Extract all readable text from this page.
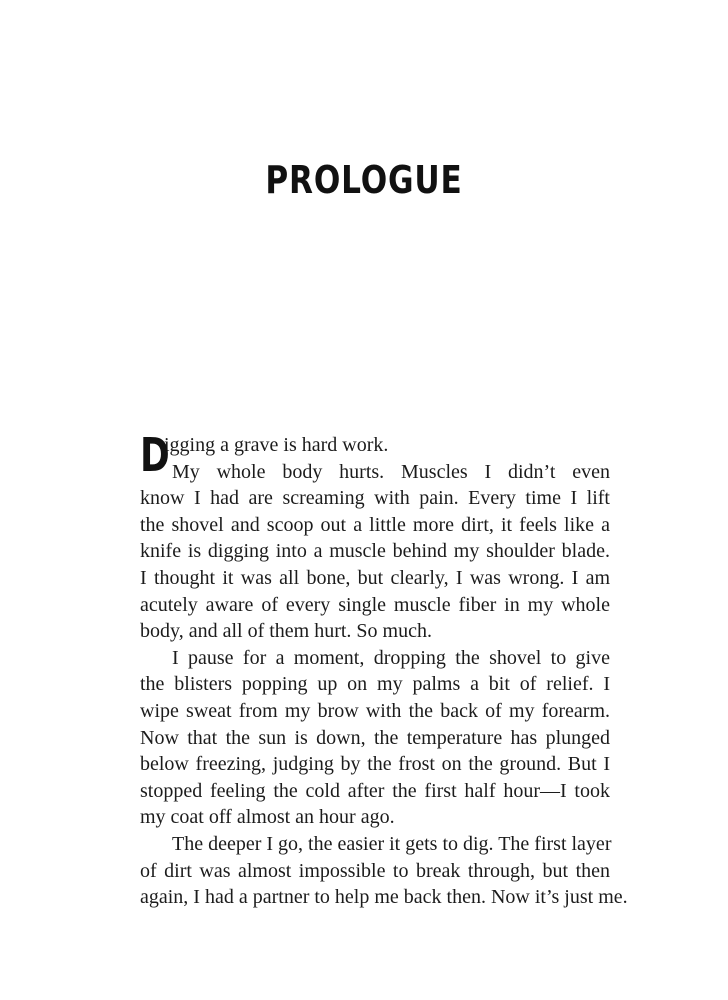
PROLOGUE
D
igging a grave is hard work.
My whole body hurts. Muscles I didn’t even
know I had are screaming with pain. Every time I lift
the shovel and scoop out a little more dirt, it feels like a
knife is digging into a muscle behind my shoulder blade.
I thought it was all bone, but clearly, I was wrong. I am
acutely aware of every single muscle fiber in my whole
body, and all of them hurt. So much.
I pause for a moment, dropping the shovel to give
the blisters popping up on my palms a bit of relief. I
wipe sweat from my brow with the back of my forearm.
Now that the sun is down, the temperature has plunged
below freezing, judging by the frost on the ground. But I
stopped feeling the cold after the first half hour—I took
my coat off almost an hour ago.
The deeper I go, the easier it gets to dig. The first layer
of dirt was almost impossible to break through, but then
again, I had a partner to help me back then. Now it’s just me.
